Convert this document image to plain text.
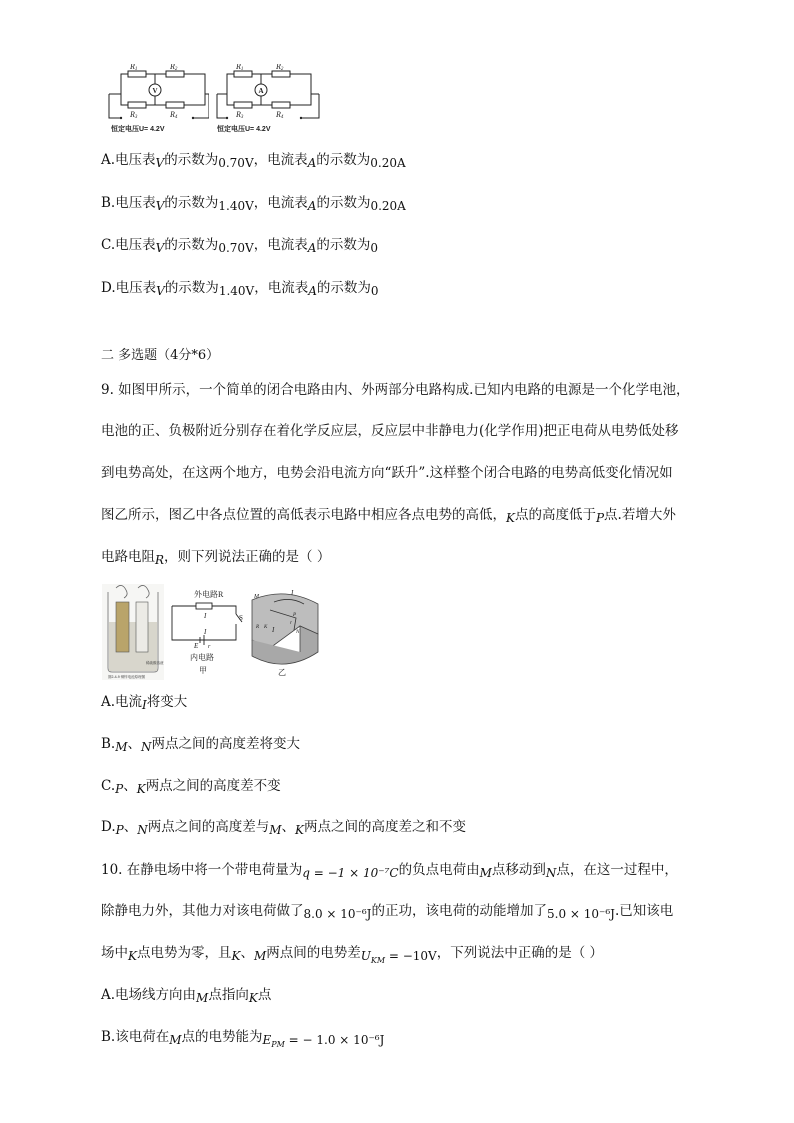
V
R1	R2
R3	R4
恒定电压U= 4.2V
A
R1	R2
R3	R4
恒定电压U= 4.2V
A.电压表V的示数为0.70V，电流表A的示数为0.20A
B.电压表V的示数为1.40V，电流表A的示数为0.20A
C.电压表V的示数为0.70V，电流表A的示数为0
D.电压表V的示数为1.40V，电流表A的示数为0
二 多选题（4分*6）
9. 如图甲所示，一个简单的闭合电路由内、外两部分电路构成.已知内电路的电源是一个化学电池，
电池的正、负极附近分别存在着化学反应层，反应层中非静电力(化学作用)把正电荷从电势低处移
到电势高处，在这两个地方，电势会沿电流方向“跃升”.这样整个闭合电路的电势高低变化情况如
图乙所示，图乙中各点位置的高低表示电路中相应各点电势的高低，K点的高度低于P点.若增大外
电路电阻R，则下列说法正确的是（ ）
稀硫酸溶液
图2-4-9 铜锌电池原理图
外电路R
I	S
I
E r
内电路
甲
M	I
R K I
P
r
N
乙
A.电流I将变大
B.M、N两点之间的高度差将变大
C.P、K两点之间的高度差不变
D.P、N两点之间的高度差与M、K两点之间的高度差之和不变
10. 在静电场中将一个带电荷量为q = −1 × 10⁻⁷C的负点电荷由M点移动到N点，在这一过程中，
除静电力外，其他力对该电荷做了8.0 × 10⁻⁶J的正功，该电荷的动能增加了5.0 × 10⁻⁶J.已知该电
场中K点电势为零，且K、M两点间的电势差$U_{KM} = -10V$，下列说法中正确的是（ ）
A.电场线方向由M点指向K点
B.该电荷在M点的电势能为$E_{PM}$ = − 1.0 × 10⁻⁶J
